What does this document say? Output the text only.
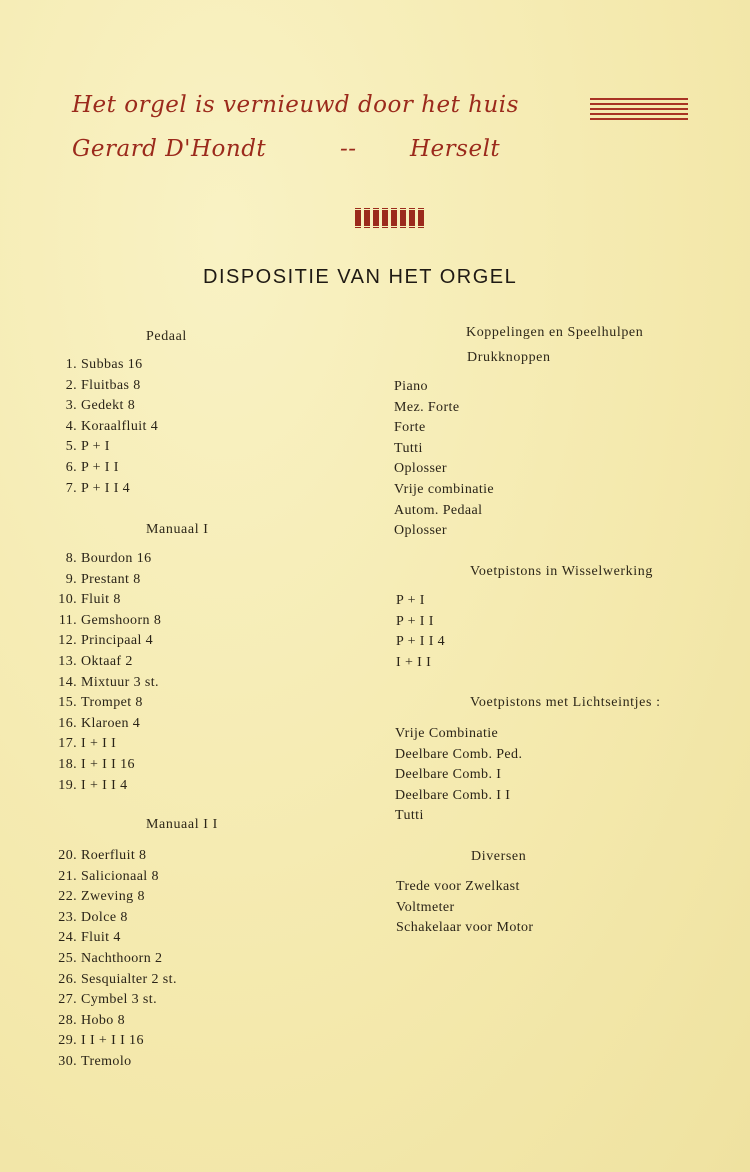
Het orgel is vernieuwd door het huis
Gerard D'Hondt	-- Herselt
DISPOSITIE VAN HET ORGEL
Pedaal
1. Subbas 16
2. Fluitbas 8
3. Gedekt 8
4. Koraalfluit 4
5. P + I
6. P + I I
7. P + I I 4
Manuaal I
8. Bourdon 16
9. Prestant 8
10. Fluit 8
11. Gemshoorn 8
12. Principaal 4
13. Oktaaf 2
14. Mixtuur 3 st.
15. Trompet 8
16. Klaroen 4
17. I + I I
18. I + I I 16
19. I + I I 4
Manuaal I I
20. Roerfluit 8
21. Salicionaal 8
22. Zweving 8
23. Dolce 8
24. Fluit 4
25. Nachthoorn 2
26. Sesquialter 2 st.
27. Cymbel 3 st.
28. Hobo 8
29. I I + I I 16
30. Tremolo
Koppelingen en Speelhulpen
Drukknoppen
Piano
Mez. Forte
Forte
Tutti
Oplosser
Vrije combinatie
Autom. Pedaal
Oplosser
Voetpistons in Wisselwerking
P + I
P + I I
P + I I 4
I + I I
Voetpistons met Lichtseintjes :
Vrije Combinatie
Deelbare Comb. Ped.
Deelbare Comb. I
Deelbare Comb. I I
Tutti
Diversen
Trede voor Zwelkast
Voltmeter
Schakelaar voor Motor
